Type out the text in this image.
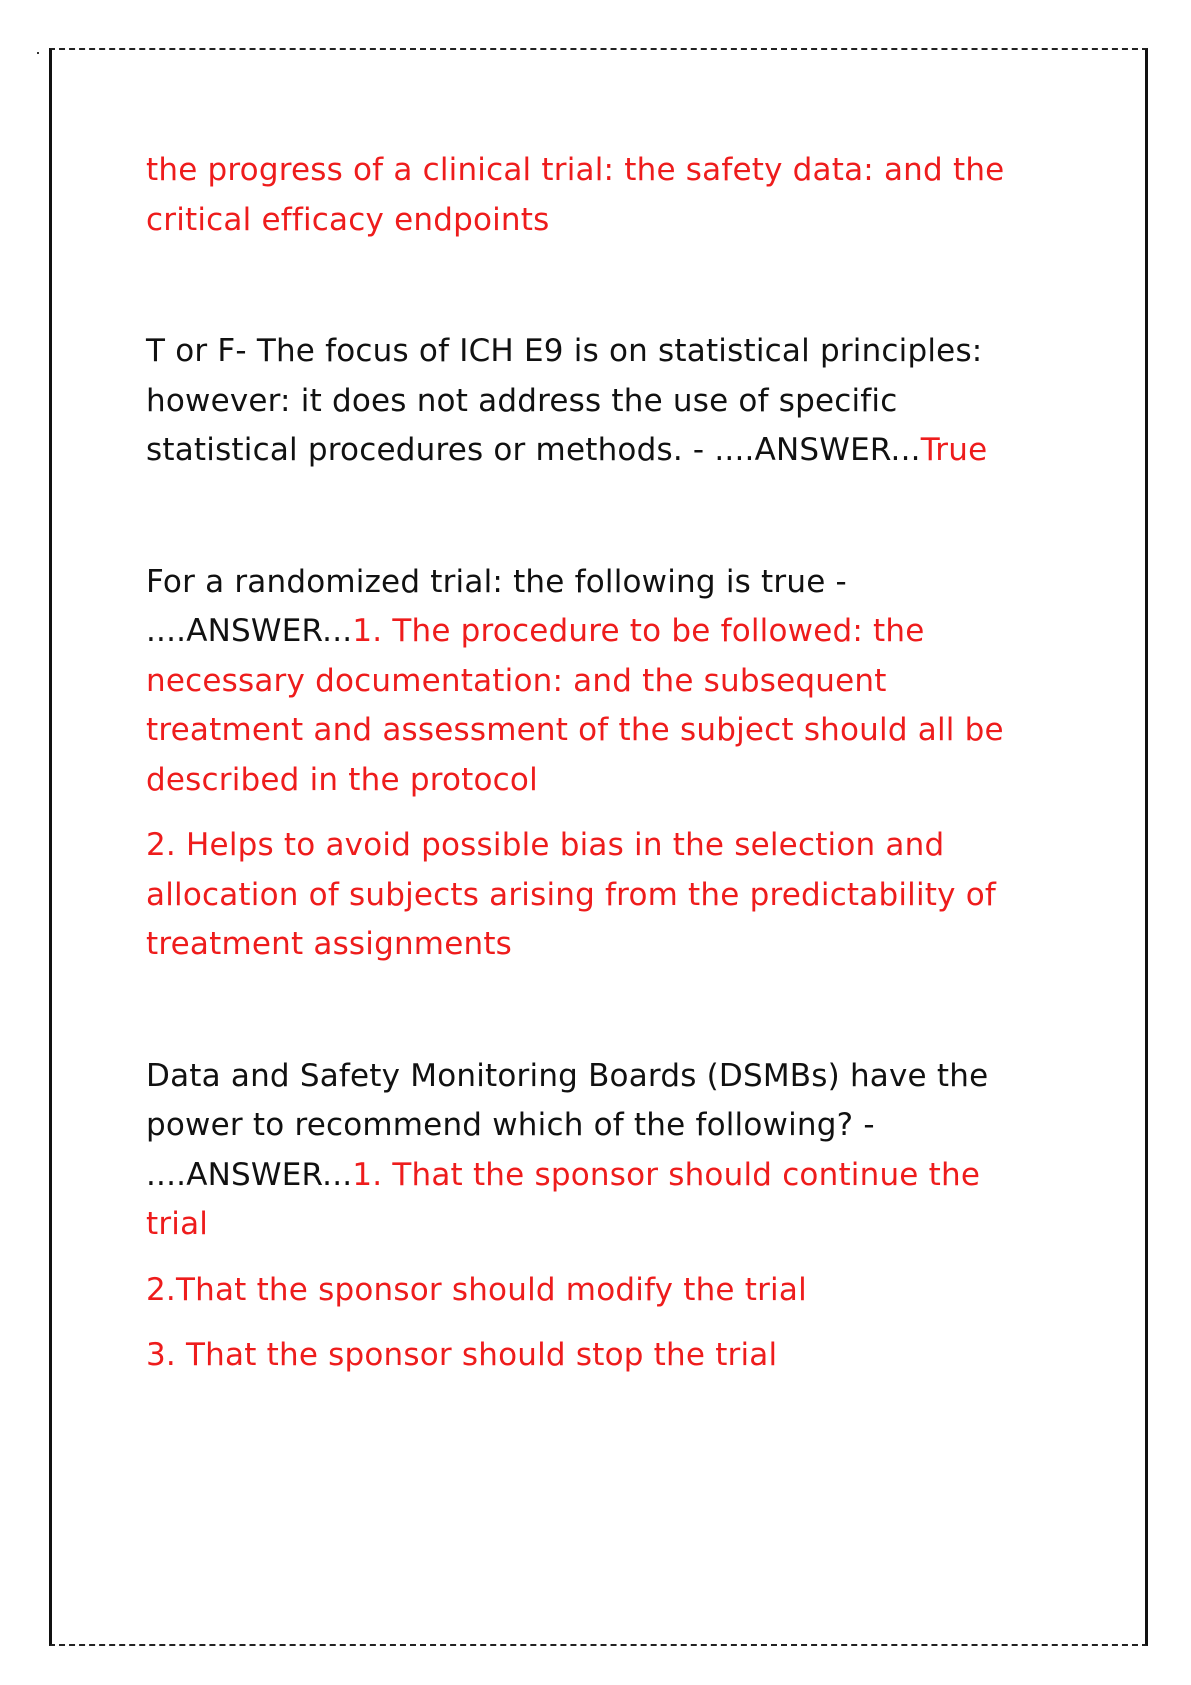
the progress of a clinical trial: the safety data: and the critical efficacy endpoints

T or F- The focus of ICH E9 is on statistical principles: however: it does not address the use of specific statistical procedures or methods. - ....ANSWER...True

For a randomized trial: the following is true - ....ANSWER...1. The procedure to be followed: the necessary documentation: and the subsequent treatment and assessment of the subject should all be described in the protocol

2. Helps to avoid possible bias in the selection and allocation of subjects arising from the predictability of treatment assignments

Data and Safety Monitoring Boards (DSMBs) have the power to recommend which of the following? - ....ANSWER...1. That the sponsor should continue the trial

2.That the sponsor should modify the trial

3. That the sponsor should stop the trial
